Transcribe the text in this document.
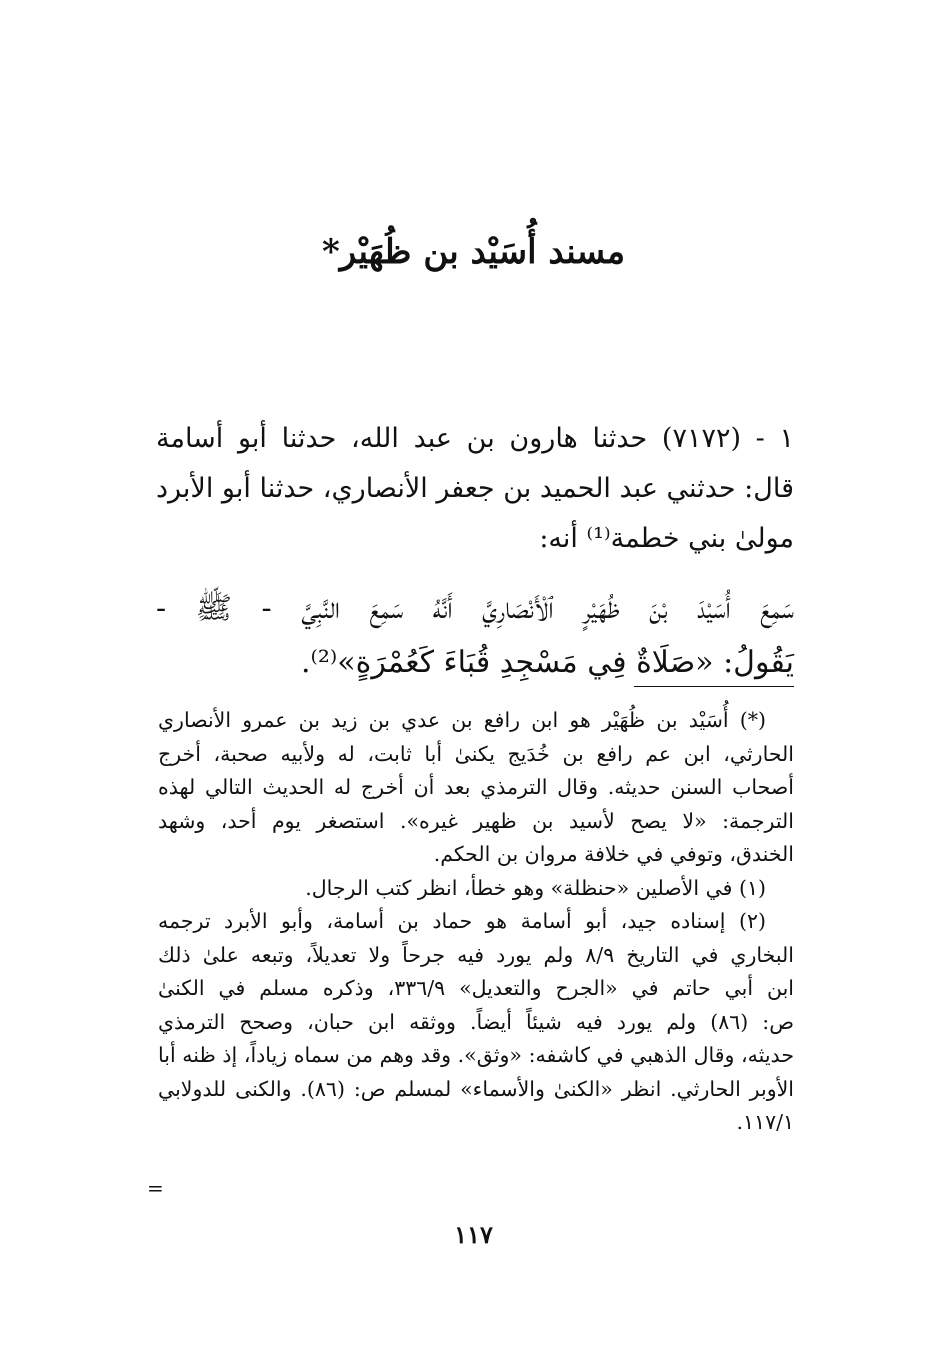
مسند أُسَيْد بن ظُهَيْر*
١ - (٧١٧٢) حدثنا هارون بن عبد الله، حدثنا أبو أسامة
قال: حدثني عبد الحميد بن جعفر الأنصاري، حدثنا أبو الأبرد
مولىٰ بني خطمة⁽¹⁾ أنه:
سَمِعَ أُسَيْدَ بْنَ ظُهَيْرٍ ٱلْأَنْصَارِيَّ أَنَّهُ سَمِعَ النَّبِيَّ - ﷺ -
يَقُولُ: «صَلَاةٌ فِي مَسْجِدِ قُبَاءَ كَعُمْرَةٍ»⁽²⁾.
(*) أُسَيْد بن ظُهَيْر هو ابن رافع بن عدي بن زيد بن عمرو الأنصاري
الحارثي، ابن عم رافع بن خُدَيج يكنىٰ أبا ثابت، له ولأبيه صحبة، أخرج
أصحاب السنن حديثه. وقال الترمذي بعد أن أخرج له الحديث التالي لهذه
الترجمة: «لا يصح لأسيد بن ظهير غيره». استصغر يوم أحد، وشهد
الخندق، وتوفي في خلافة مروان بن الحكم.
(١) في الأصلين «حنظلة» وهو خطأ، انظر كتب الرجال.
(٢) إسناده جيد، أبو أسامة هو حماد بن أسامة، وأبو الأبرد ترجمه
البخاري في التاريخ ٨/٩ ولم يورد فيه جرحاً ولا تعديلاً، وتبعه علىٰ ذلك
ابن أبي حاتم في «الجرح والتعديل» ٣٣٦/٩، وذكره مسلم في الكنىٰ
ص: (٨٦) ولم يورد فيه شيئاً أيضاً. ووثقه ابن حبان، وصحح الترمذي
حديثه، وقال الذهبي في كاشفه: «وثق». وقد وهم من سماه زياداً، إذ ظنه أبا
الأوبر الحارثي. انظر «الكنىٰ والأسماء» لمسلم ص: (٨٦). والكنى للدولابي
١١٧/١.
=
١١٧
